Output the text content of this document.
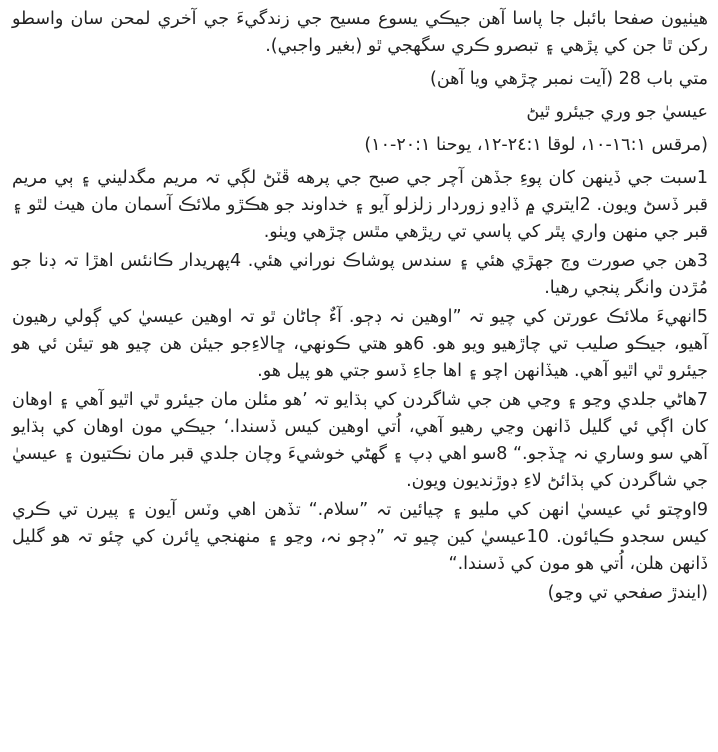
هيٺيون صفحا بائبل جا پاسا آهن جيڪي يسوع مسيح جي زندگيءَ جي آخري لمحن سان واسطو رکن ٿا جن کي پڙهي ۽ تبصرو ڪري سگهجي ٿو (بغير واجبي).

متي باب 28 (آيت نمبر چڙهي ويا آهن)

عيسيٰ جو وري جيئرو ٿيڻ

(مرقس ١٦:١-١٠، لوقا ٢٤:١-١٢، يوحنا ٢٠:١-١٠)

1سبت جي ڏينهن کان پوءِ جڏهن آچر جي صبح جي پرهه ڦٽڻ لڳي تہ مريم مگدليني ۽ ٻي مريم قبر ڏسڻ ويون. 2ايتري ۾ ڏاڍو زوردار زلزلو آيو ۽ خداوند جو هڪڙو ملائڪ آسمان مان هيٺ لٿو ۽ قبر جي منهن واري پٿر کي پاسي تي ريڙهي مٿس چڙهي ويٺو.

3هن جي صورت وڄ جهڙي هئي ۽ سندس پوشاڪ نوراني هئي. 4پهريدار ڪانئس اهڙا تہ ڊنا جو مُڙدن وانگر پنجي رهيا.

5انهيءَ ملائڪ عورتن کي چيو تہ ”اوهين نہ ڊڄو. آءٌ ڄاڻان ٿو تہ اوهين عيسيٰ کي ڳولي رهيون آهيو، جيڪو صليب تي چاڙهيو ويو هو. 6هو هتي ڪونهي، ڇالاءِجو جيئن هن چيو هو تيئن ئي هو جيئرو ٿي اٿيو آهي. هيڏانهن اچو ۽ اها جاءِ ڏسو جتي هو پيل هو.

7هاڻي جلدي وڃو ۽ وڃي هن جي شاگردن کي ٻڌايو تہ ’هو مئلن مان جيئرو ٿي اٿيو آهي ۽ اوهان کان اڳي ئي گليل ڏانهن وڃي رهيو آهي، اُتي اوهين کيس ڏسندا.‘ جيڪي مون اوهان کي ٻڌايو آهي سو وساري نہ ڇڏجو.“ 8سو اهي ڊپ ۽ گهڻي خوشيءَ وچان جلدي قبر مان نڪتيون ۽ عيسيٰ جي شاگردن کي ٻڌائڻ لاءِ ڊوڙنديون ويون.

9اوچتو ئي عيسيٰ انهن کي مليو ۽ چيائين تہ ”سلام.“ تڏهن اهي وٽس آيون ۽ پيرن تي ڪري کيس سجدو ڪيائون. 10عيسيٰ کين چيو تہ ”ڊڄو نہ، وڃو ۽ منهنجي ڀائرن کي چئو تہ هو گليل ڏانهن هلن، اُتي هو مون کي ڏسندا.“

(ايندڙ صفحي تي وڃو)
